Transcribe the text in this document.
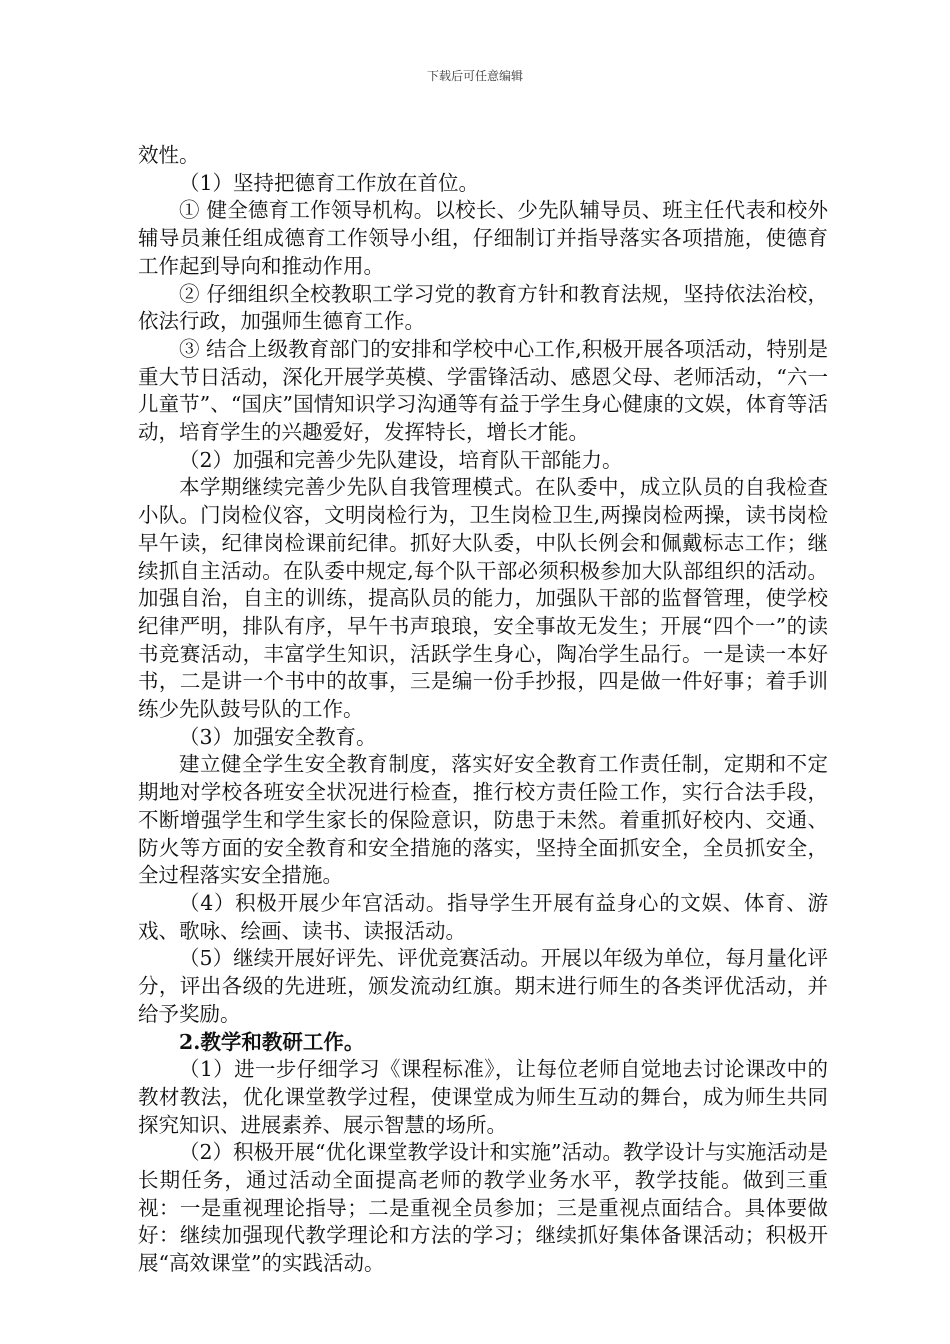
下载后可任意编辑

效性。

（1）坚持把德育工作放在首位。

① 健全德育工作领导机构。以校长、少先队辅导员、班主任代表和校外辅导员兼任组成德育工作领导小组，仔细制订并指导落实各项措施，使德育工作起到导向和推动作用。

② 仔细组织全校教职工学习党的教育方针和教育法规，坚持依法治校，依法行政，加强师生德育工作。

③ 结合上级教育部门的安排和学校中心工作,积极开展各项活动，特别是重大节日活动，深化开展学英模、学雷锋活动、感恩父母、老师活动，“六一儿童节”、“国庆”国情知识学习沟通等有益于学生身心健康的文娱，体育等活动，培育学生的兴趣爱好，发挥特长，增长才能。

（2）加强和完善少先队建设，培育队干部能力。

本学期继续完善少先队自我管理模式。在队委中，成立队员的自我检查小队。门岗检仪容，文明岗检行为，卫生岗检卫生,两操岗检两操，读书岗检早午读，纪律岗检课前纪律。抓好大队委，中队长例会和佩戴标志工作；继续抓自主活动。在队委中规定,每个队干部必须积极参加大队部组织的活动。加强自治，自主的训练，提高队员的能力，加强队干部的监督管理，使学校纪律严明，排队有序，早午书声琅琅，安全事故无发生；开展“四个一”的读书竞赛活动，丰富学生知识，活跃学生身心，陶冶学生品行。一是读一本好书，二是讲一个书中的故事，三是编一份手抄报，四是做一件好事；着手训练少先队鼓号队的工作。

（3）加强安全教育。

建立健全学生安全教育制度，落实好安全教育工作责任制，定期和不定期地对学校各班安全状况进行检查，推行校方责任险工作，实行合法手段，不断增强学生和学生家长的保险意识，防患于未然。着重抓好校内、交通、防火等方面的安全教育和安全措施的落实，坚持全面抓安全，全员抓安全，全过程落实安全措施。

（4）积极开展少年宫活动。指导学生开展有益身心的文娱、体育、游戏、歌咏、绘画、读书、读报活动。

（5）继续开展好评先、评优竞赛活动。开展以年级为单位，每月量化评分，评出各级的先进班，颁发流动红旗。期末进行师生的各类评优活动，并给予奖励。

2.教学和教研工作。

（1）进一步仔细学习《课程标准》，让每位老师自觉地去讨论课改中的教材教法，优化课堂教学过程，使课堂成为师生互动的舞台，成为师生共同探究知识、进展素养、展示智慧的场所。

（2）积极开展“优化课堂教学设计和实施”活动。教学设计与实施活动是长期任务，通过活动全面提高老师的教学业务水平，教学技能。做到三重视：一是重视理论指导；二是重视全员参加；三是重视点面结合。具体要做好：继续加强现代教学理论和方法的学习；继续抓好集体备课活动；积极开展“高效课堂”的实践活动。
